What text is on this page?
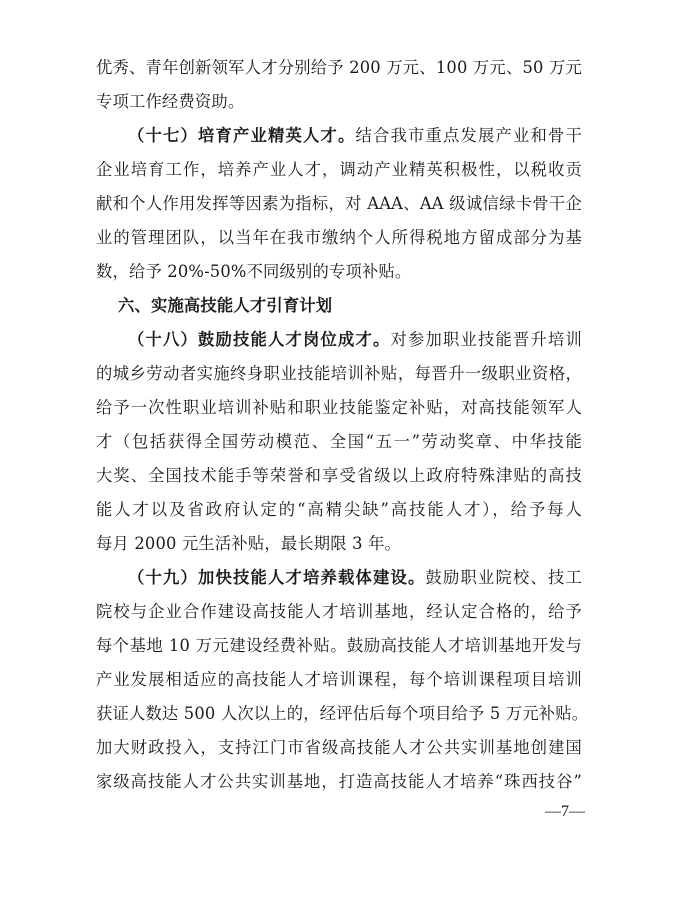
优秀、青年创新领军人才分别给予 200 万元、100 万元、50 万元
专项工作经费资助。
（十七）培育产业精英人才。结合我市重点发展产业和骨干
企业培育工作，培养产业人才，调动产业精英积极性，以税收贡
献和个人作用发挥等因素为指标，对 AAA、AA 级诚信绿卡骨干企
业的管理团队，以当年在我市缴纳个人所得税地方留成部分为基
数，给予 20%-50%不同级别的专项补贴。
六、实施高技能人才引育计划
（十八）鼓励技能人才岗位成才。对参加职业技能晋升培训
的城乡劳动者实施终身职业技能培训补贴，每晋升一级职业资格，
给予一次性职业培训补贴和职业技能鉴定补贴，对高技能领军人
才（包括获得全国劳动模范、全国“五一”劳动奖章、中华技能
大奖、全国技术能手等荣誉和享受省级以上政府特殊津贴的高技
能人才以及省政府认定的“高精尖缺”高技能人才），给予每人
每月 2000 元生活补贴，最长期限 3 年。
（十九）加快技能人才培养载体建设。鼓励职业院校、技工
院校与企业合作建设高技能人才培训基地，经认定合格的，给予
每个基地 10 万元建设经费补贴。鼓励高技能人才培训基地开发与
产业发展相适应的高技能人才培训课程，每个培训课程项目培训
获证人数达 500 人次以上的，经评估后每个项目给予 5 万元补贴。
加大财政投入，支持江门市省级高技能人才公共实训基地创建国
家级高技能人才公共实训基地，打造高技能人才培养“珠西技谷”
—7—
